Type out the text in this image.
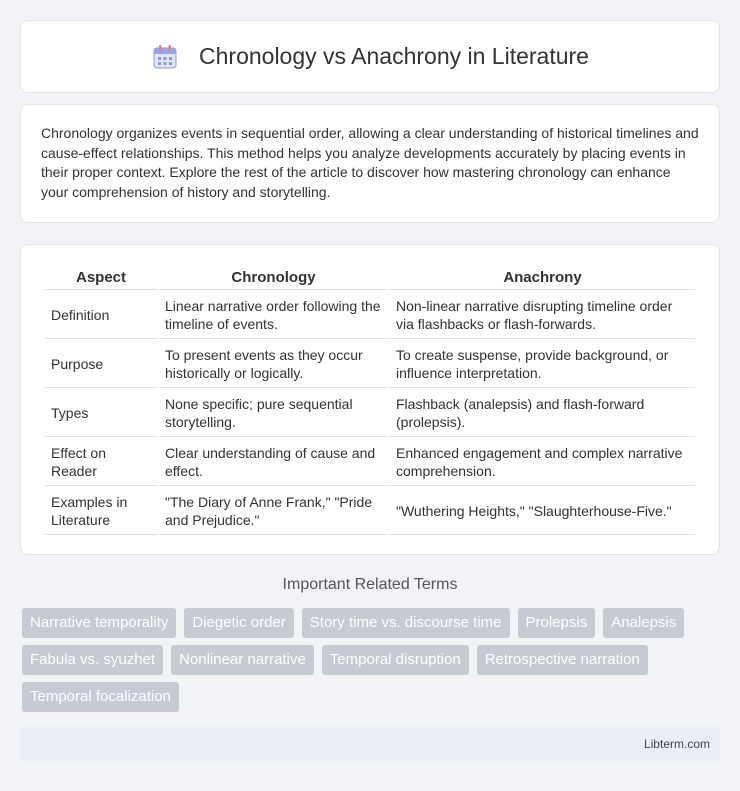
Chronology vs Anachrony in Literature

Chronology organizes events in sequential order, allowing a clear understanding of historical timelines and cause-effect relationships. This method helps you analyze developments accurately by placing events in their proper context. Explore the rest of the article to discover how mastering chronology can enhance your comprehension of history and storytelling.

Aspect	Chronology	Anachrony
Definition	Linear narrative order following the timeline of events.	Non-linear narrative disrupting timeline order via flashbacks or flash-forwards.
Purpose	To present events as they occur historically or logically.	To create suspense, provide background, or influence interpretation.
Types	None specific; pure sequential storytelling.	Flashback (analepsis) and flash-forward (prolepsis).
Effect on Reader	Clear understanding of cause and effect.	Enhanced engagement and complex narrative comprehension.
Examples in Literature	"The Diary of Anne Frank," "Pride and Prejudice."	"Wuthering Heights," "Slaughterhouse-Five."
Important Related Terms
Narrative temporality	Diegetic order	Story time vs. discourse time	Prolepsis	Analepsis
Fabula vs. syuzhet	Nonlinear narrative	Temporal disruption	Retrospective narration
Temporal focalization
Libterm.com
